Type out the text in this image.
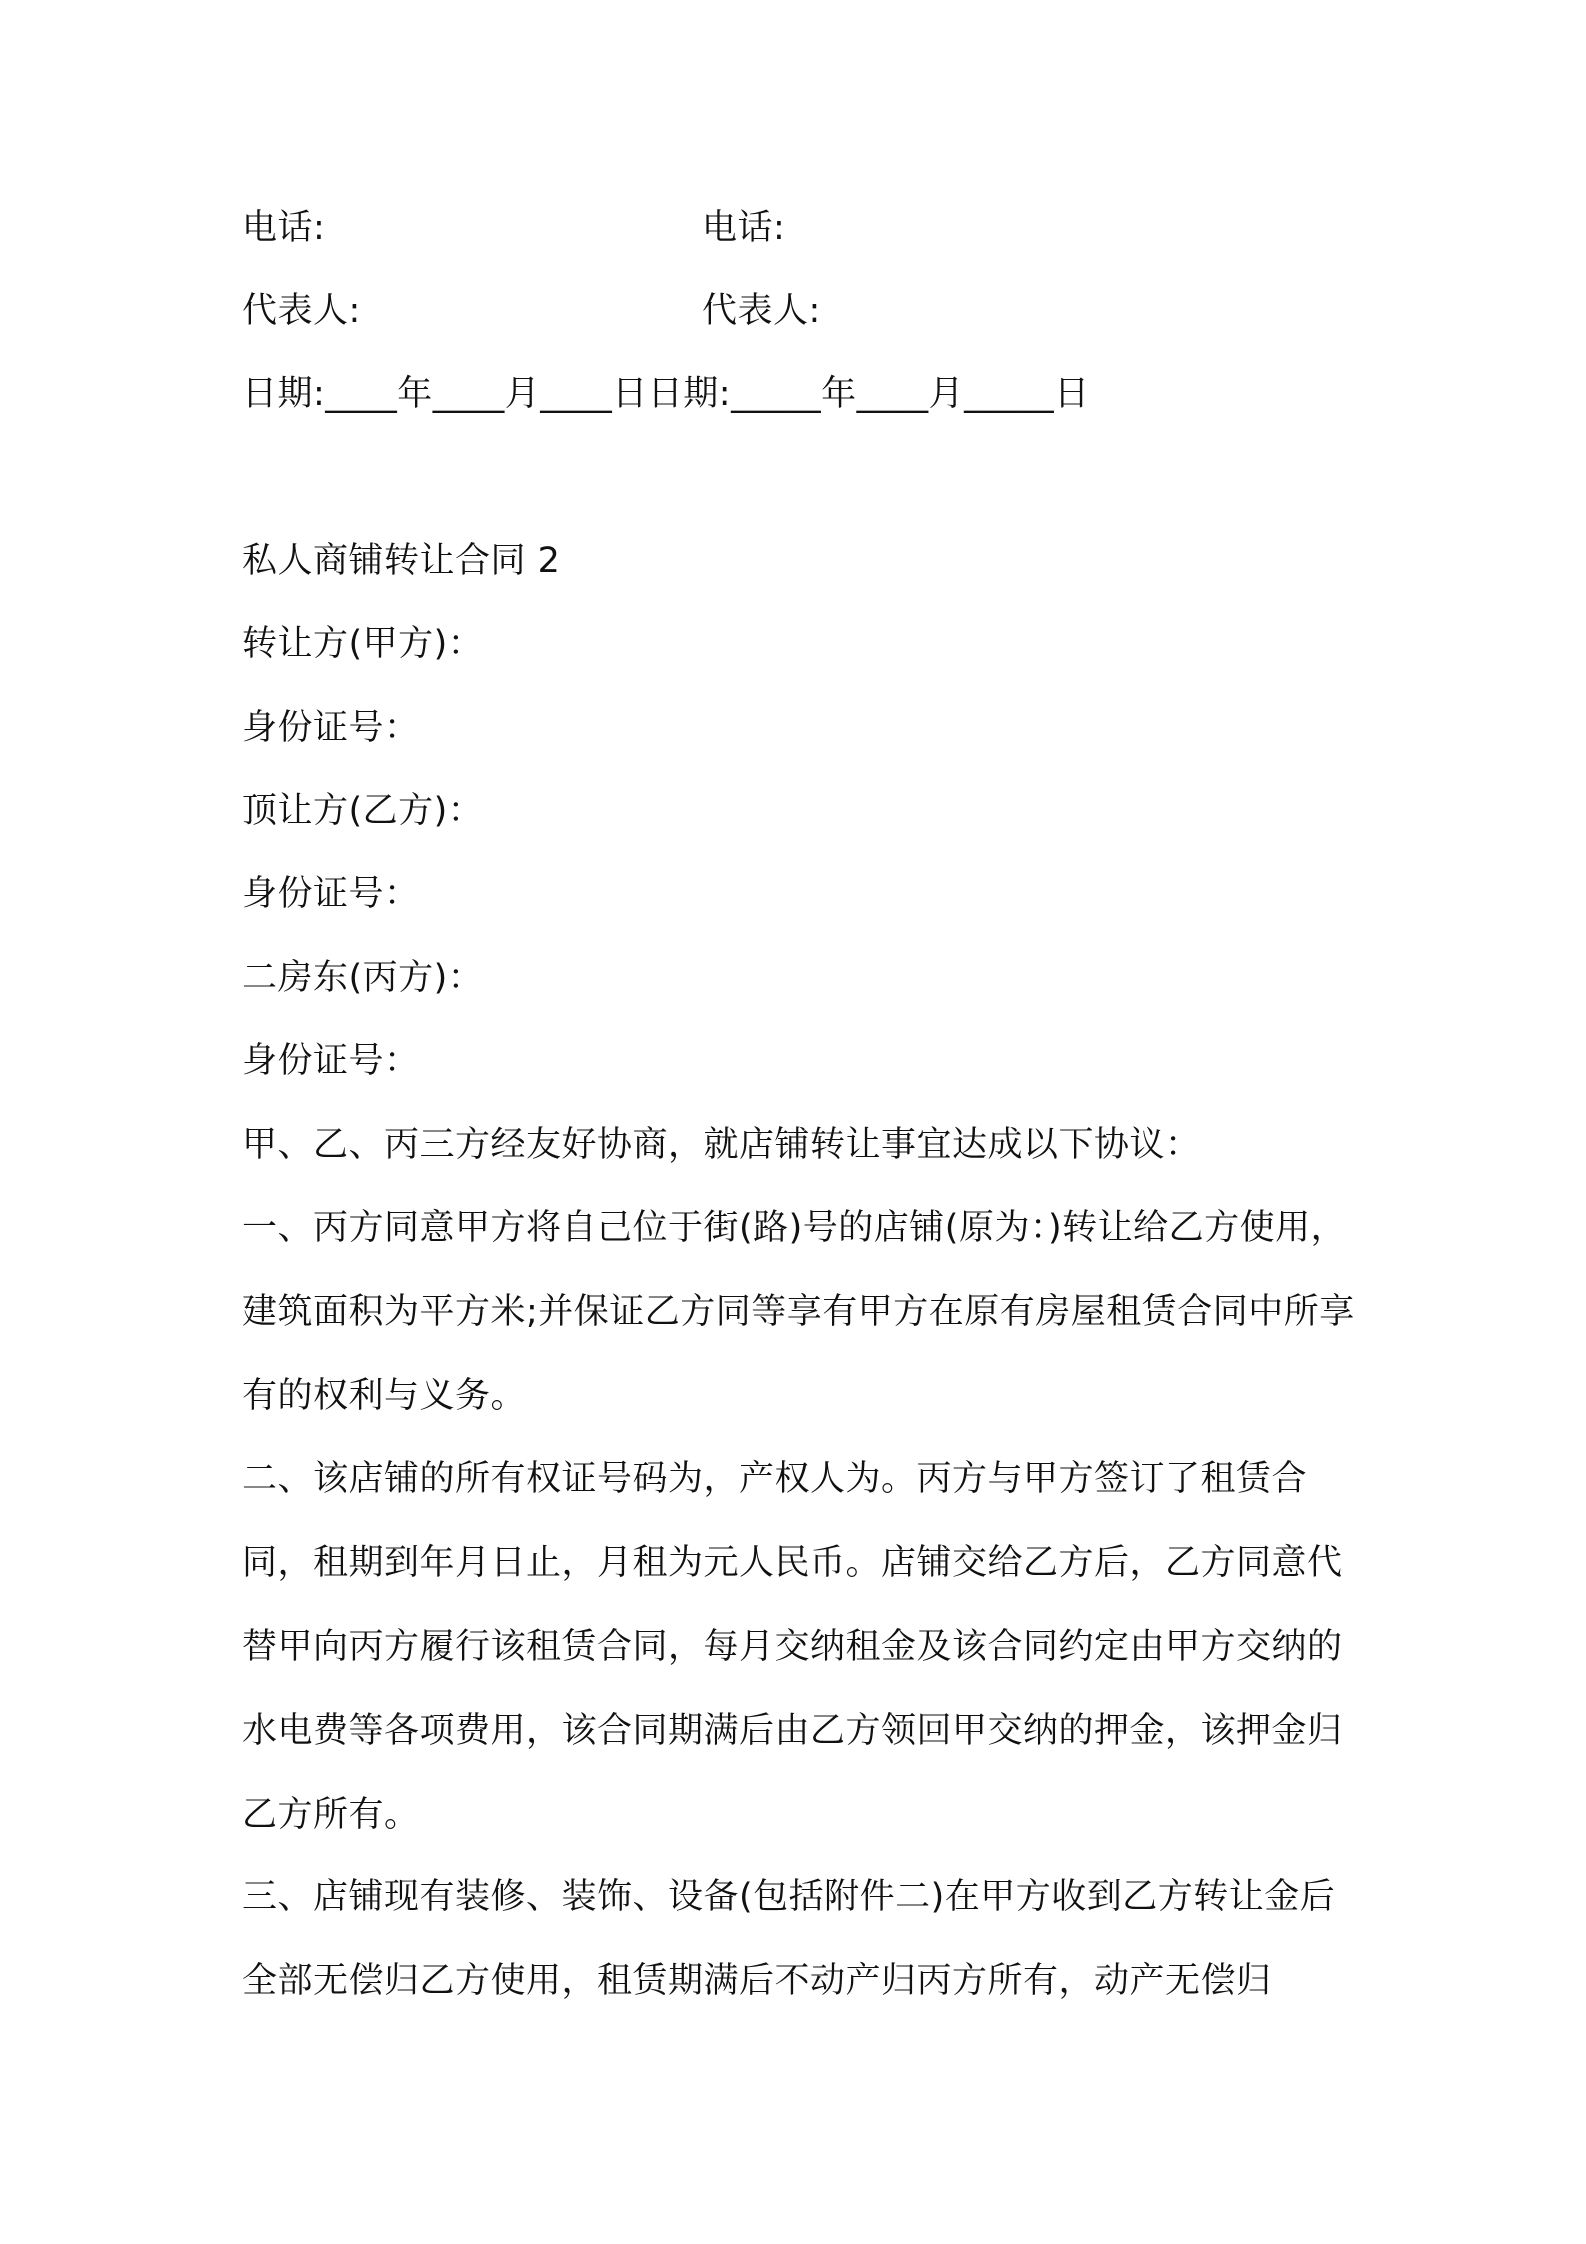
电话:	电话:
代表人:	代表人:
日期:____年____月____日日期:_____年____月_____日
私人商铺转让合同 2
转让方(甲方)：
身份证号：
顶让方(乙方)：
身份证号：
二房东(丙方)：
身份证号：
甲、乙、丙三方经友好协商，就店铺转让事宜达成以下协议：
一、丙方同意甲方将自己位于街(路)号的店铺(原为：)转让给乙方使用，建筑面积为平方米;并保证乙方同等享有甲方在原有房屋租赁合同中所享有的权利与义务。
二、该店铺的所有权证号码为，产权人为。丙方与甲方签订了租赁合同，租期到年月日止，月租为元人民币。店铺交给乙方后，乙方同意代替甲向丙方履行该租赁合同，每月交纳租金及该合同约定由甲方交纳的水电费等各项费用，该合同期满后由乙方领回甲交纳的押金，该押金归乙方所有。
三、店铺现有装修、装饰、设备(包括附件二)在甲方收到乙方转让金后全部无偿归乙方使用，租赁期满后不动产归丙方所有，动产无偿归
